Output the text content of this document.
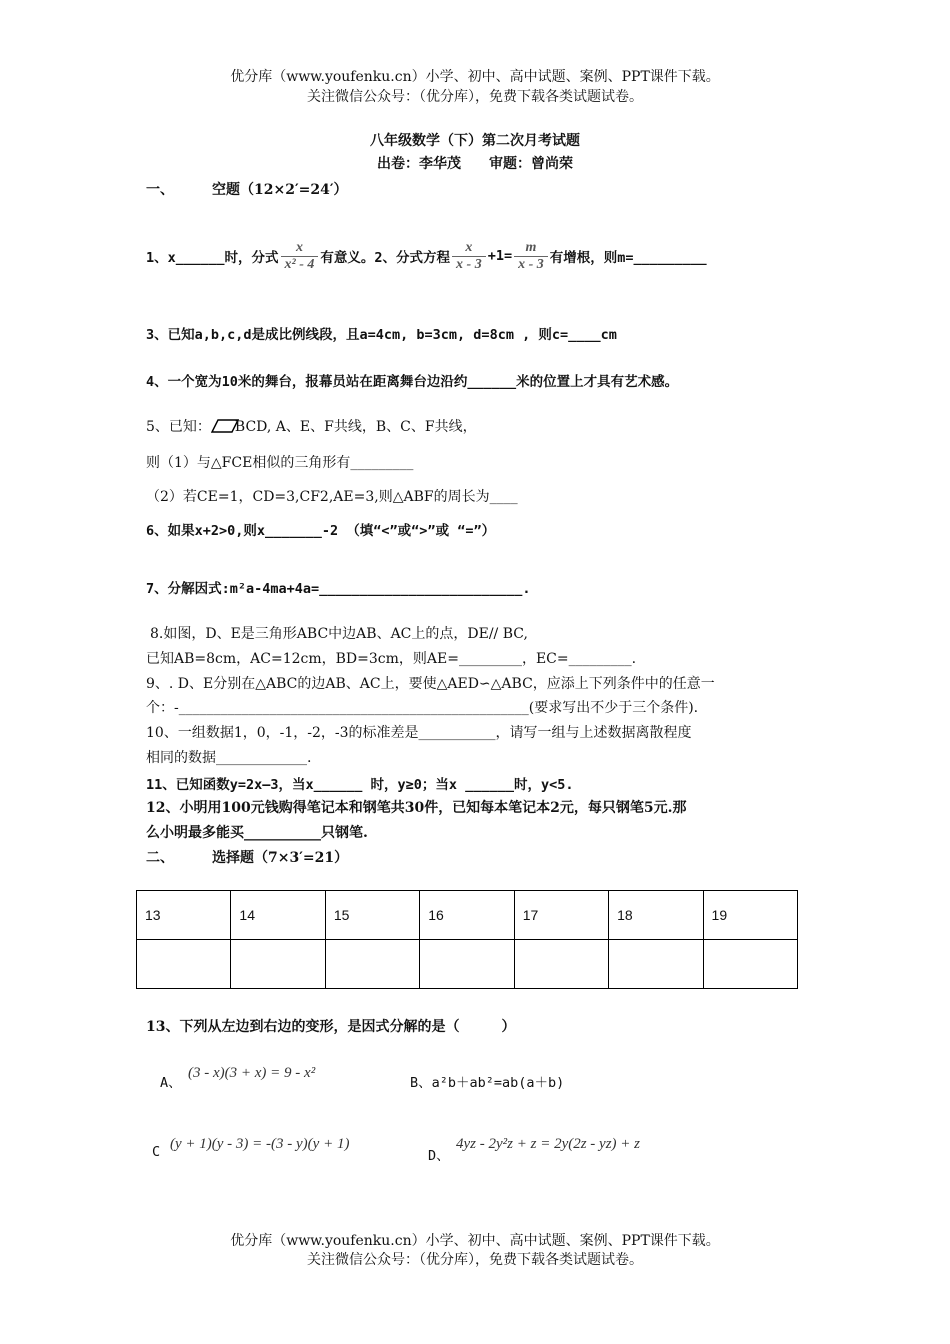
优分库（www.youfenku.cn）小学、初中、高中试题、案例、PPT课件下载。
关注微信公众号：（优分库），免费下载各类试题试卷。
八年级数学（下）第二次月考试题
出卷：李华茂　　审题：曾尚荣
一、	空题（12×2′=24′）
1、x______时，分式 $\frac{x}{\text{x² - 4}}$ 有意义。2、分式方程 $\frac{x}{x - 3} +1= \frac{m}{x - 3}$ 有增根，则m=_________
3、已知a,b,c,d是成比例线段，且a=4cm, b=3cm, d=8cm , 则c=____cm
4、一个宽为10米的舞台，报幕员站在距离舞台边沿约______米的位置上才具有艺术感。
5、已知： BCD, A、E、F共线，B、C、F共线，
则（1）与△FCE相似的三角形有_________
（2）若CE=1，CD=3,CF2,AE=3,则△ABF的周长为____
6、如果x+2>0,则x_______-2 （填“<”或“>”或 “=”）
7、分解因式:m²a-4ma+4a=_________________________.
8.如图，D、E是三角形ABC中边AB、AC上的点，DE// BC,
已知AB=8cm，AC=12cm，BD=3cm，则AE=_________，EC=_________.
9、. D、E分别在△ABC的边AB、AC上，要使△AED∽△ABC，应添上下列条件中的任意一
个：-__________________________________________________(要求写出不少于三个条件).
10、一组数据1，0，-1，-2，-3的标准差是___________，请写一组与上述数据离散程度
相同的数据_____________.
11、已知函数y=2x—3，当x______ 时，y≥0；当x ______时，y<5.
12、小明用100元钱购得笔记本和钢笔共30件，已知每本笔记本2元，每只钢笔5元.那
么小明最多能买___________只钢笔.
二、	选择题（7×3′=21）
13	14	15	16	17	18	19

13、下列从左边到右边的变形，是因式分解的是（　　　）
A、
(3 - x)(3 + x) = 9 - x²
B、a²b＋ab²=ab(a＋b)
C (y + 1)(y - 3) = -(3 - y)(y + 1)
D、
4yz - 2y²z + z = 2y(2z - yz) + z
优分库（www.youfenku.cn）小学、初中、高中试题、案例、PPT课件下载。
关注微信公众号：（优分库），免费下载各类试题试卷。
